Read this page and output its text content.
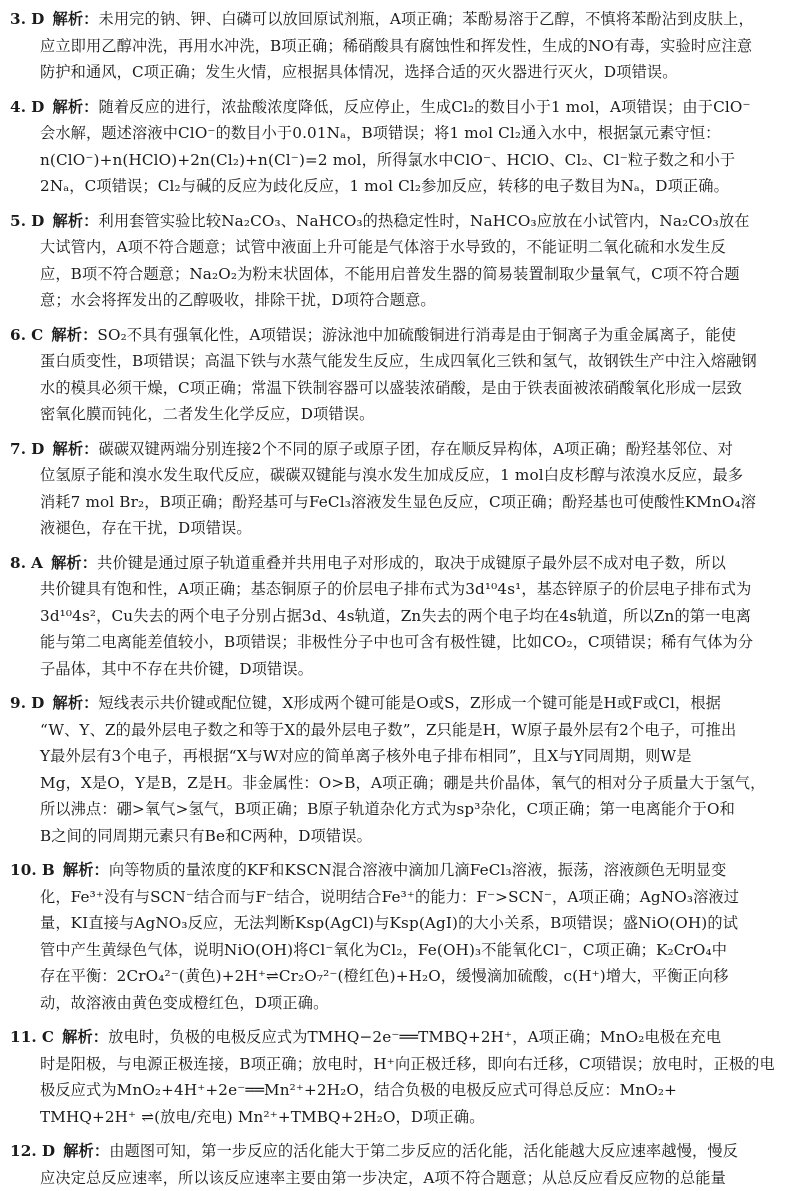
3. D 解析：未用完的钠、钾、白磷可以放回原试剂瓶，A项正确；苯酚易溶于乙醇，不慎将苯酚沾到皮肤上，
应立即用乙醇冲洗，再用水冲洗，B项正确；稀硝酸具有腐蚀性和挥发性，生成的NO有毒，实验时应注意
防护和通风，C项正确；发生火情，应根据具体情况，选择合适的灭火器进行灭火，D项错误。
4. D 解析：随着反应的进行，浓盐酸浓度降低，反应停止，生成Cl₂的数目小于1 mol，A项错误；由于ClO⁻
会水解，题述溶液中ClO⁻的数目小于0.01Nₐ，B项错误；将1 mol Cl₂通入水中，根据氯元素守恒：
n(ClO⁻)+n(HClO)+2n(Cl₂)+n(Cl⁻)=2 mol，所得氯水中ClO⁻、HClO、Cl₂、Cl⁻粒子数之和小于
2Nₐ，C项错误；Cl₂与碱的反应为歧化反应，1 mol Cl₂参加反应，转移的电子数目为Nₐ，D项正确。
5. D 解析：利用套管实验比较Na₂CO₃、NaHCO₃的热稳定性时，NaHCO₃应放在小试管内，Na₂CO₃放在
大试管内，A项不符合题意；试管中液面上升可能是气体溶于水导致的，不能证明二氧化硫和水发生反
应，B项不符合题意；Na₂O₂为粉末状固体，不能用启普发生器的简易装置制取少量氧气，C项不符合题
意；水会将挥发出的乙醇吸收，排除干扰，D项符合题意。
6. C 解析：SO₂不具有强氧化性，A项错误；游泳池中加硫酸铜进行消毒是由于铜离子为重金属离子，能使
蛋白质变性，B项错误；高温下铁与水蒸气能发生反应，生成四氧化三铁和氢气，故钢铁生产中注入熔融钢
水的模具必须干燥，C项正确；常温下铁制容器可以盛装浓硝酸，是由于铁表面被浓硝酸氧化形成一层致
密氧化膜而钝化，二者发生化学反应，D项错误。
7. D 解析：碳碳双键两端分别连接2个不同的原子或原子团，存在顺反异构体，A项正确；酚羟基邻位、对
位氢原子能和溴水发生取代反应，碳碳双键能与溴水发生加成反应，1 mol白皮杉醇与浓溴水反应，最多
消耗7 mol Br₂，B项正确；酚羟基可与FeCl₃溶液发生显色反应，C项正确；酚羟基也可使酸性KMnO₄溶
液褪色，存在干扰，D项错误。
8. A 解析：共价键是通过原子轨道重叠并共用电子对形成的，取决于成键原子最外层不成对电子数，所以
共价键具有饱和性，A项正确；基态铜原子的价层电子排布式为3d¹⁰4s¹，基态锌原子的价层电子排布式为
3d¹⁰4s²，Cu失去的两个电子分别占据3d、4s轨道，Zn失去的两个电子均在4s轨道，所以Zn的第一电离
能与第二电离能差值较小，B项错误；非极性分子中也可含有极性键，比如CO₂，C项错误；稀有气体为分
子晶体，其中不存在共价键，D项错误。
9. D 解析：短线表示共价键或配位键，X形成两个键可能是O或S，Z形成一个键可能是H或F或Cl，根据
“W、Y、Z的最外层电子数之和等于X的最外层电子数”，Z只能是H，W原子最外层有2个电子，可推出
Y最外层有3个电子，再根据“X与W对应的简单离子核外电子排布相同”，且X与Y同周期，则W是
Mg，X是O，Y是B，Z是H。非金属性：O>B，A项正确；硼是共价晶体，氧气的相对分子质量大于氢气，
所以沸点：硼>氧气>氢气，B项正确；B原子轨道杂化方式为sp³杂化，C项正确；第一电离能介于O和
B之间的同周期元素只有Be和C两种，D项错误。
10. B 解析：向等物质的量浓度的KF和KSCN混合溶液中滴加几滴FeCl₃溶液，振荡，溶液颜色无明显变
化，Fe³⁺没有与SCN⁻结合而与F⁻结合，说明结合Fe³⁺的能力：F⁻>SCN⁻，A项正确；AgNO₃溶液过
量，KI直接与AgNO₃反应，无法判断Ksp(AgCl)与Ksp(AgI)的大小关系，B项错误；盛NiO(OH)的试
管中产生黄绿色气体，说明NiO(OH)将Cl⁻氧化为Cl₂，Fe(OH)₃不能氧化Cl⁻，C项正确；K₂CrO₄中
存在平衡：2CrO₄²⁻(黄色)+2H⁺⇌Cr₂O₇²⁻(橙红色)+H₂O，缓慢滴加硫酸，c(H⁺)增大，平衡正向移
动，故溶液由黄色变成橙红色，D项正确。
11. C 解析：放电时，负极的电极反应式为TMHQ−2e⁻══TMBQ+2H⁺，A项正确；MnO₂电极在充电
时是阳极，与电源正极连接，B项正确；放电时，H⁺向正极迁移，即向右迁移，C项错误；放电时，正极的电
极反应式为MnO₂+4H⁺+2e⁻══Mn²⁺+2H₂O，结合负极的电极反应式可得总反应：MnO₂+
TMHQ+2H⁺ ⇌(放电/充电) Mn²⁺+TMBQ+2H₂O，D项正确。
12. D 解析：由题图可知，第一步反应的活化能大于第二步反应的活化能，活化能越大反应速率越慢，慢反
应决定总反应速率，所以该反应速率主要由第一步决定，A项不符合题意；从总反应看反应物的总能量
